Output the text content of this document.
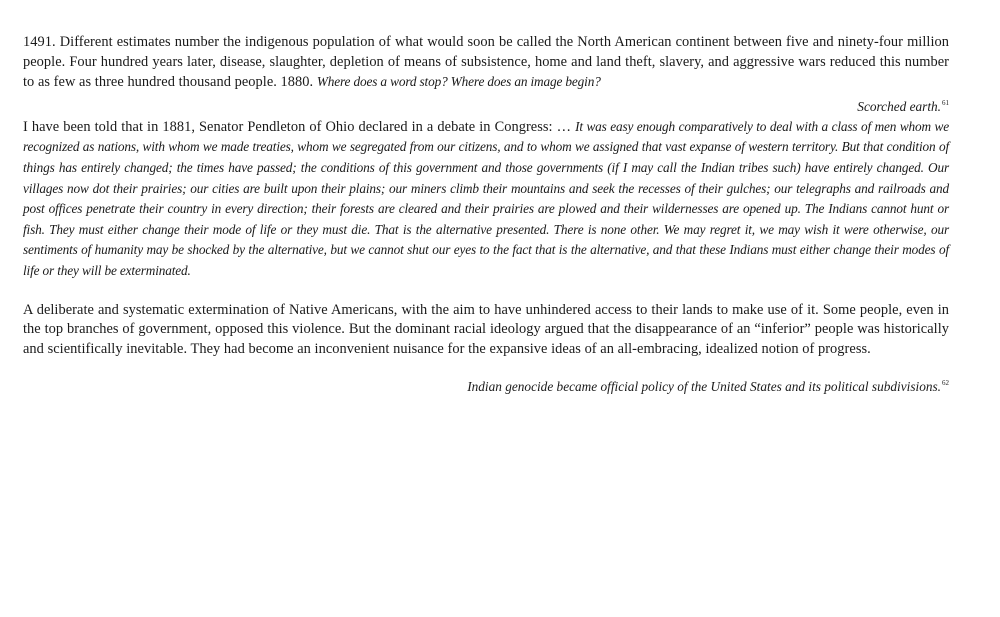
1491. Different estimates number the indigenous population of what would soon be called the North American continent between five and ninety-four million people. Four hundred years later, disease, slaughter, depletion of means of subsistence, home and land theft, slavery, and aggressive wars reduced this number to as few as three hundred thousand people. 1880. Where does a word stop? Where does an image begin?

Scorched earth.$^{61}$

I have been told that in 1881, Senator Pendleton of Ohio declared in a debate in Congress: … It was easy enough comparatively to deal with a class of men whom we recognized as nations, with whom we made treaties, whom we segregated from our citizens, and to whom we assigned that vast expanse of western territory. But that condition of things has entirely changed; the times have passed; the conditions of this government and those governments (if I may call the Indian tribes such) have entirely changed. Our villages now dot their prairies; our cities are built upon their plains; our miners climb their mountains and seek the recesses of their gulches; our telegraphs and railroads and post offices penetrate their country in every direction; their forests are cleared and their prairies are plowed and their wildernesses are opened up. The Indians cannot hunt or fish. They must either change their mode of life or they must die. That is the alternative presented. There is none other. We may regret it, we may wish it were otherwise, our sentiments of humanity may be shocked by the alternative, but we cannot shut our eyes to the fact that is the alternative, and that these Indians must either change their modes of life or they will be exterminated.

A deliberate and systematic extermination of Native Americans, with the aim to have unhindered access to their lands to make use of it. Some people, even in the top branches of government, opposed this violence. But the dominant racial ideology argued that the disappearance of an “inferior” people was historically and scientifically inevitable. They had become an inconvenient nuisance for the expansive ideas of an all-embracing, idealized notion of progress.

Indian genocide became official policy of the United States and its political subdivisions.$^{62}$
